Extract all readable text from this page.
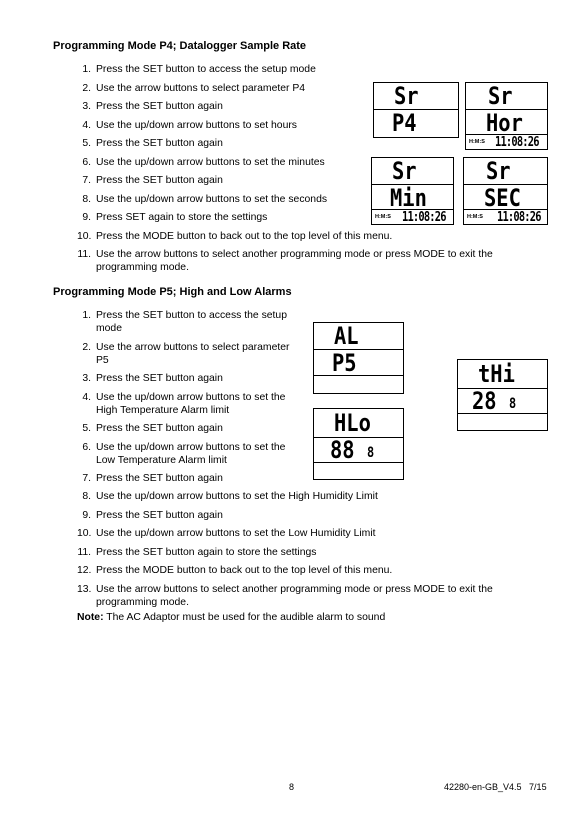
Programming Mode P4; Datalogger Sample Rate
1. Press the SET button to access the setup mode
2. Use the arrow buttons to select parameter P4
3. Press the SET button again
4. Use the up/down arrow buttons to set hours
5. Press the SET button again
6. Use the up/down arrow buttons to set the minutes
7. Press the SET button again
8. Use the up/down arrow buttons to set the seconds
9. Press SET again to store the settings
10. Press the MODE button to back out to the top level of this menu.
11. Use the arrow buttons to select another programming mode or press MODE to exit the programming mode.
Sr
P4
Sr
Hor
H:M:S 11:08:26
Sr
Min
H:M:S 11:08:26
Sr
SEC
H:M:S 11:08:26
Programming Mode P5; High and Low Alarms
1. Press the SET button to access the setup mode
2. Use the arrow buttons to select parameter P5
3. Press the SET button again
4. Use the up/down arrow buttons to set the High Temperature Alarm limit
5. Press the SET button again
6. Use the up/down arrow buttons to set the Low Temperature Alarm limit
7. Press the SET button again
8. Use the up/down arrow buttons to set the High Humidity Limit
9. Press the SET button again
10. Use the up/down arrow buttons to set the Low Humidity Limit
11. Press the SET button again to store the settings
12. Press the MODE button to back out to the top level of this menu.
13. Use the arrow buttons to select another programming mode or press MODE to exit the programming mode.
AL
P5	tHi
28 8
HLo
88 8
Note: The AC Adaptor must be used for the audible alarm to sound
8	42280-en-GB_V4.5   7/15
